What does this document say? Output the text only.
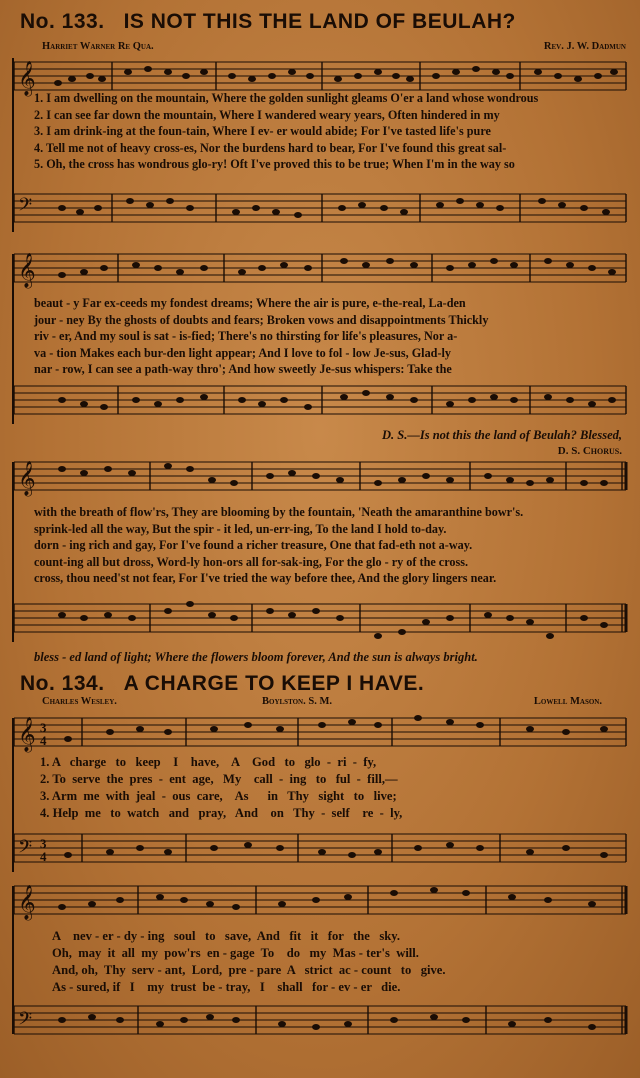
No. 133. IS NOT THIS THE LAND OF BEULAH?
Harriet Warner Re Qua.	Rev. J. W. Dadmun
𝄞
1. I am dwelling on the mountain, Where the golden sunlight gleams O'er a land whose wondrous
2. I can see far down the mountain, Where I wandered weary years, Often hindered in my
3. I am drink-ing at the foun-tain, Where I ev- er would abide; For I've tasted life's pure
4. Tell me not of heavy cross-es, Nor the burdens hard to bear, For I've found this great sal-
5. Oh, the cross has wondrous glo-ry! Oft I've proved this to be true; When I'm in the way so
𝄢
𝄞
beaut - y Far ex-ceeds my fondest dreams; Where the air is pure, e-the-real, La-den
jour - ney By the ghosts of doubts and fears; Broken vows and disappointments Thickly
riv - er, And my soul is sat - is-fied; There's no thirsting for life's pleasures, Nor a-
va - tion Makes each bur-den light appear; And I love to fol - low Je-sus, Glad-ly
nar - row, I can see a path-way thro'; And how sweetly Je-sus whispers: Take the
D. S.—Is not this the land of Beulah? Blessed,
D. S. Chorus.
𝄞
with the breath of flow'rs, They are blooming by the fountain, 'Neath the amaranthine bowr's.
sprink-led all the way, But the spir - it led, un-err-ing, To the land I hold to-day.
dorn - ing rich and gay, For I've found a richer treasure, One that fad-eth not a-way.
count-ing all but dross, Word-ly hon-ors all for-sak-ing, For the glo - ry of the cross.
cross, thou need'st not fear, For I've tried the way before thee, And the glory lingers near.
bless - ed land of light; Where the flowers bloom forever, And the sun is always bright.
No. 134. A CHARGE TO KEEP I HAVE.
Charles Wesley.	Boylston. S. M.	Lowell Mason.
𝄞 3
4
1. A   charge   to   keep    I    have,    A    God   to   glo  -  ri  -  fy,
2. To  serve  the  pres  -  ent  age,   My    call  -  ing   to   ful  -  fill,—
3. Arm  me  with  jeal  -  ous  care,    As      in   Thy   sight   to   live;
4. Help  me   to  watch   and   pray,   And    on   Thy  -  self    re  -  ly,
𝄢 3
4
𝄞
A    nev - er - dy - ing   soul   to   save,  And   fit   it   for   the   sky.
Oh,  may  it  all  my  pow'rs  en - gage  To    do   my  Mas - ter's  will.
And, oh,  Thy  serv - ant,  Lord,  pre - pare  A   strict  ac - count   to   give.
As - sured, if   I    my  trust  be - tray,   I    shall   for - ev - er   die.
𝄢
